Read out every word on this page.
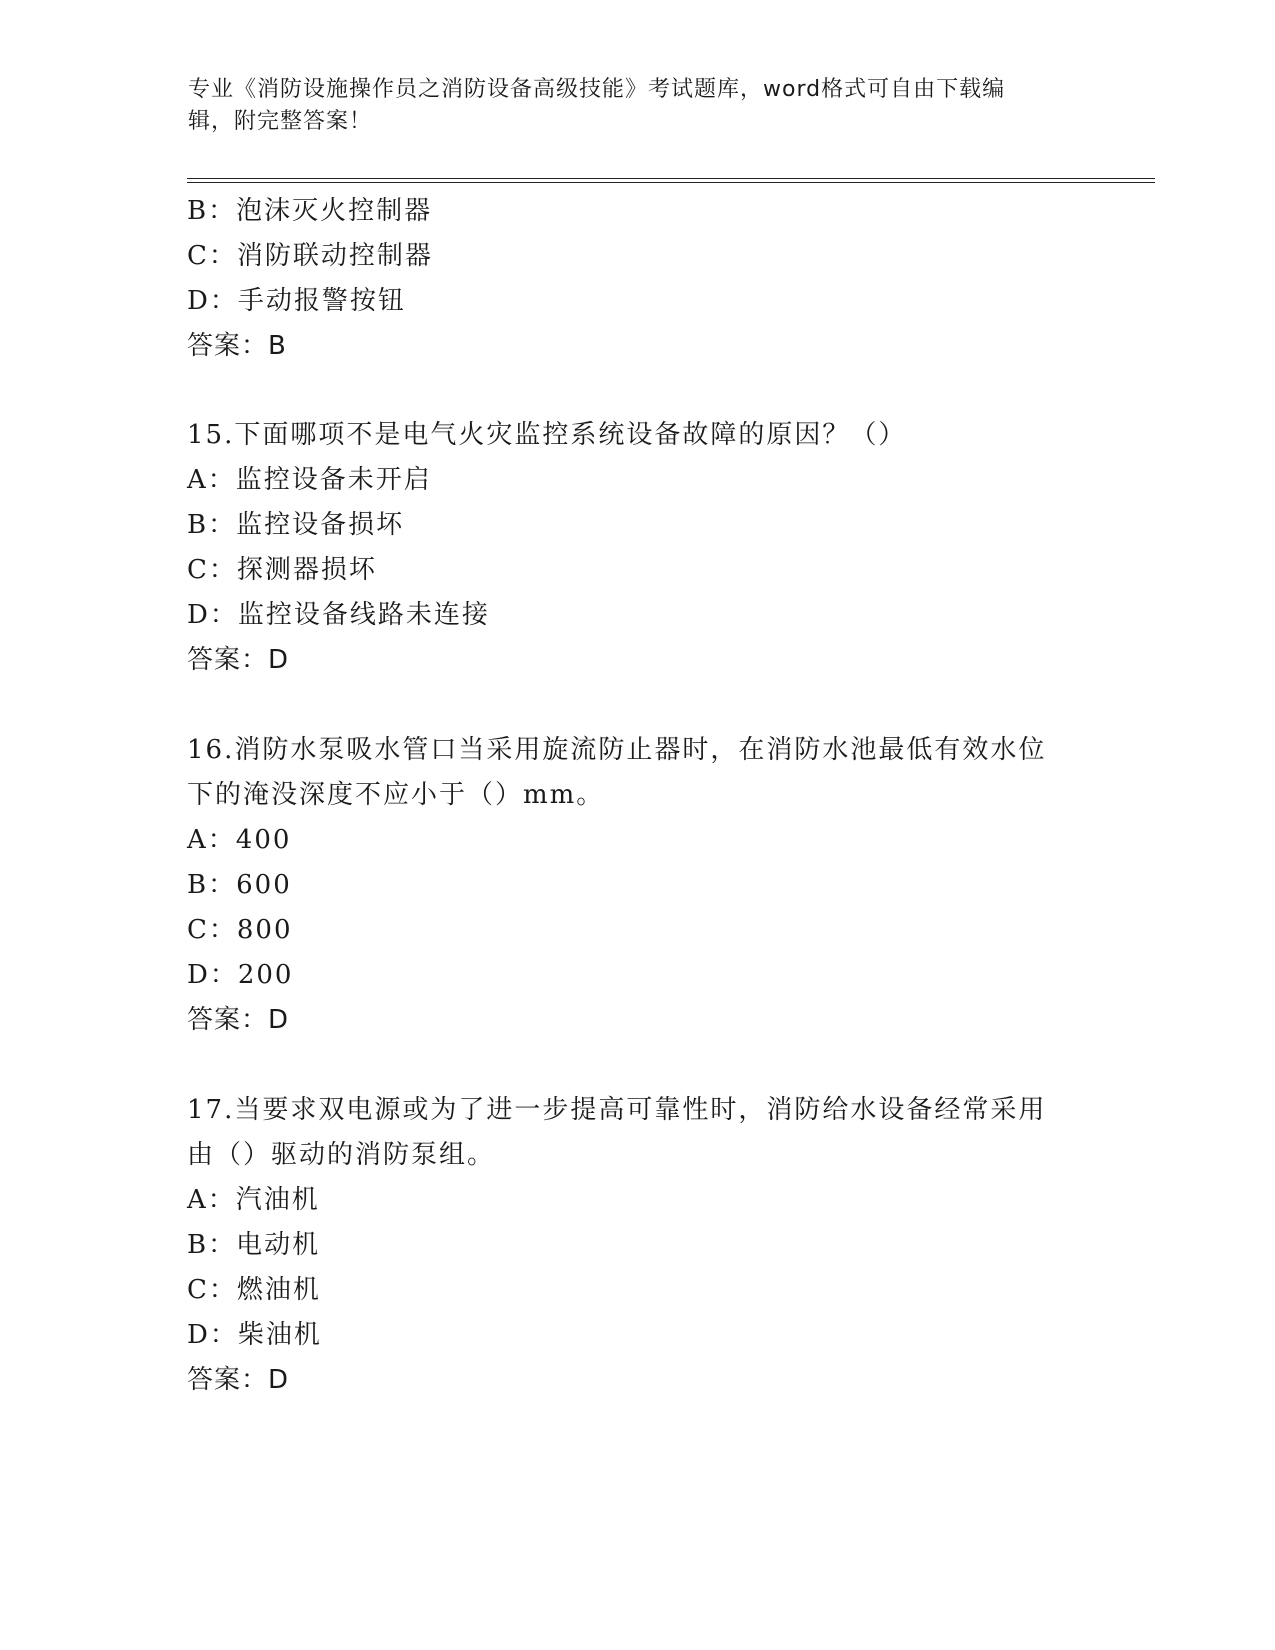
专业《消防设施操作员之消防设备高级技能》考试题库，word格式可自由下载编
辑，附完整答案！

B：泡沫灭火控制器

C：消防联动控制器

D：手动报警按钮

答案：B

15.下面哪项不是电气火灾监控系统设备故障的原因？（）

A：监控设备未开启

B：监控设备损坏

C：探测器损坏

D：监控设备线路未连接

答案：D

16.消防水泵吸水管口当采用旋流防止器时，在消防水池最低有效水位

下的淹没深度不应小于（）mm。

A：400

B：600

C：800

D：200

答案：D

17.当要求双电源或为了进一步提高可靠性时，消防给水设备经常采用

由（）驱动的消防泵组。

A：汽油机

B：电动机

C：燃油机

D：柴油机

答案：D
